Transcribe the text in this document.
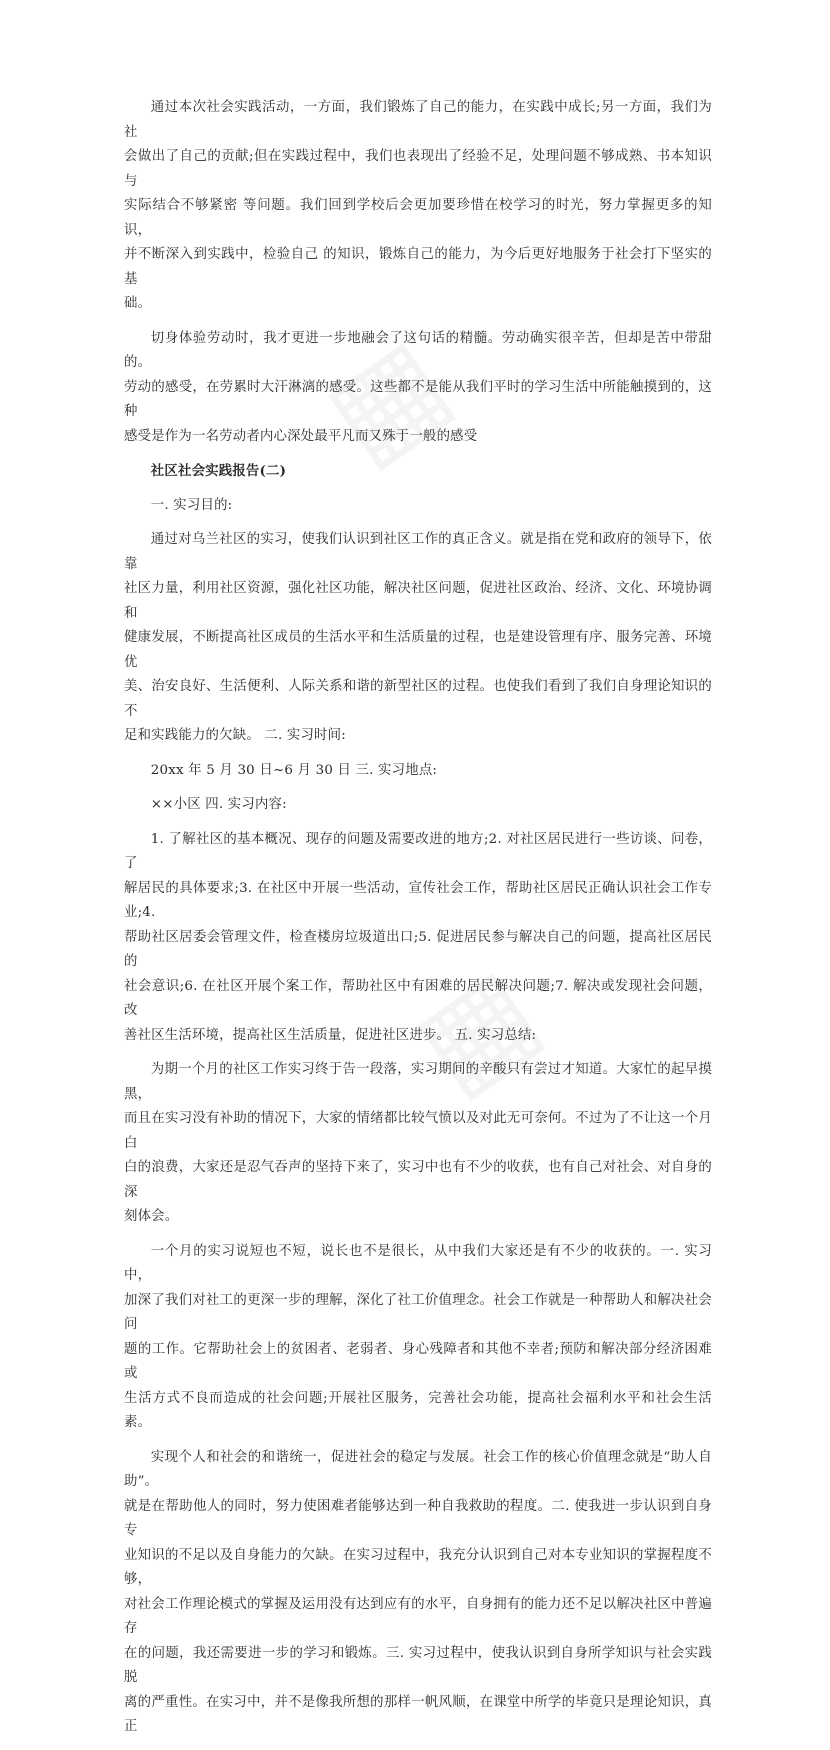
通过本次社会实践活动，一方面，我们锻炼了自己的能力，在实践中成长;另一方面，我们为社
会做出了自己的贡献;但在实践过程中，我们也表现出了经验不足，处理问题不够成熟、书本知识与
实际结合不够紧密 等问题。我们回到学校后会更加要珍惜在校学习的时光，努力掌握更多的知 识，
并不断深入到实践中，检验自己 的知识，锻炼自己的能力，为今后更好地服务于社会打下坚实的基
础。

切身体验劳动时，我才更进一步地融会了这句话的精髓。劳动确实很辛苦，但却是苦中带甜的。
劳动的感受，在劳累时大汗淋漓的感受。这些都不是能从我们平时的学习生活中所能触摸到的，这种
感受是作为一名劳动者内心深处最平凡而又殊于一般的感受

社区社会实践报告(二)

一. 实习目的:

通过对乌兰社区的实习，使我们认识到社区工作的真正含义。就是指在党和政府的领导下，依靠
社区力量，利用社区资源，强化社区功能，解决社区问题，促进社区政治、经济、文化、环境协调和
健康发展，不断提高社区成员的生活水平和生活质量的过程，也是建设管理有序、服务完善、环境优
美、治安良好、生活便利、人际关系和谐的新型社区的过程。也使我们看到了我们自身理论知识的不
足和实践能力的欠缺。 二. 实习时间:

20xx 年 5 月 30 日~6 月 30 日 三. 实习地点:

××小区 四. 实习内容:

1. 了解社区的基本概况、现存的问题及需要改进的地方;2. 对社区居民进行一些访谈、问卷，了
解居民的具体要求;3. 在社区中开展一些活动，宣传社会工作，帮助社区居民正确认识社会工作专业;4.
帮助社区居委会管理文件，检查楼房垃圾道出口;5. 促进居民参与解决自己的问题，提高社区居民的
社会意识;6. 在社区开展个案工作，帮助社区中有困难的居民解决问题;7. 解决或发现社会问题，改
善社区生活环境，提高社区生活质量，促进社区进步。 五. 实习总结:

为期一个月的社区工作实习终于告一段落，实习期间的辛酸只有尝过才知道。大家忙的起早摸黑，
而且在实习没有补助的情况下，大家的情绪都比较气愤以及对此无可奈何。不过为了不让这一个月白
白的浪费，大家还是忍气吞声的坚持下来了，实习中也有不少的收获，也有自己对社会、对自身的深
刻体会。

一个月的实习说短也不短，说长也不是很长，从中我们大家还是有不少的收获的。一. 实习中，
加深了我们对社工的更深一步的理解，深化了社工价值理念。社会工作就是一种帮助人和解决社会问
题的工作。它帮助社会上的贫困者、老弱者、身心残障者和其他不幸者;预防和解决部分经济困难或
生活方式不良而造成的社会问题;开展社区服务，完善社会功能，提高社会福利水平和社会生活素。

实现个人和社会的和谐统一，促进社会的稳定与发展。社会工作的核心价值理念就是“助人自助”。
就是在帮助他人的同时，努力使困难者能够达到一种自我救助的程度。二. 使我进一步认识到自身专
业知识的不足以及自身能力的欠缺。在实习过程中，我充分认识到自己对本专业知识的掌握程度不够，
对社会工作理论模式的掌握及运用没有达到应有的水平，自身拥有的能力还不足以解决社区中普遍存
在的问题，我还需要进一步的学习和锻炼。三. 实习过程中，使我认识到自身所学知识与社会实践脱
离的严重性。在实习中，并不是像我所想的那样一帆风顺，在课堂中所学的毕竟只是理论知识，真正
